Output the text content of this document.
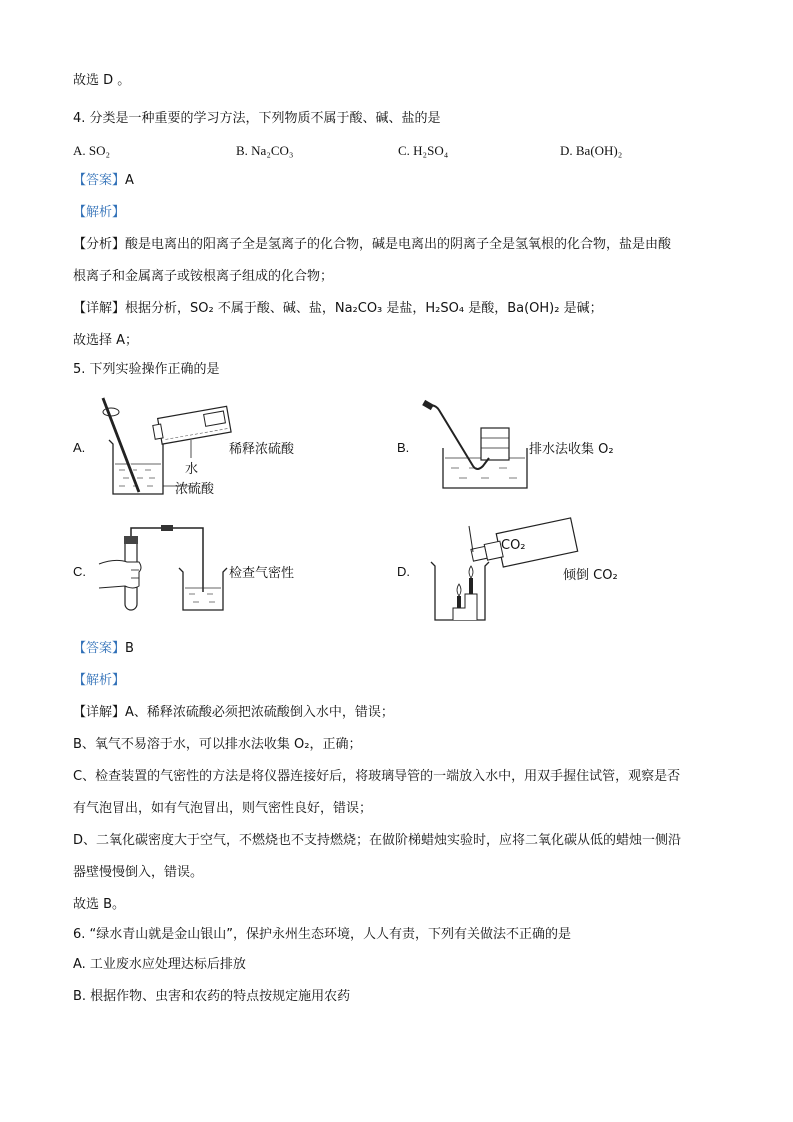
故选 D 。
4. 分类是一种重要的学习方法，下列物质不属于酸、碱、盐的是
A. SO₂	B. Na₂CO₃	C. H₂SO₄	D. Ba(OH)₂
【答案】A
【解析】
【分析】酸是电离出的阳离子全是氢离子的化合物，碱是电离出的阴离子全是氢氧根的化合物，盐是由酸
根离子和金属离子或铵根离子组成的化合物；
【详解】根据分析，SO₂ 不属于酸、碱、盐，Na₂CO₃ 是盐，H₂SO₄ 是酸，Ba(OH)₂ 是碱；
故选择 A；
5. 下列实验操作正确的是
A.
水
浓硫酸
稀释浓硫酸	B.	排水法收集 O₂
C.	检查气密性	D.
CO₂
倾倒 CO₂
【答案】B
【解析】
【详解】A、稀释浓硫酸必须把浓硫酸倒入水中，错误；
B、氧气不易溶于水，可以排水法收集 O₂，正确；
C、检查装置的气密性的方法是将仪器连接好后，将玻璃导管的一端放入水中，用双手握住试管，观察是否
有气泡冒出，如有气泡冒出，则气密性良好，错误；
D、二氧化碳密度大于空气，不燃烧也不支持燃烧；在做阶梯蜡烛实验时，应将二氧化碳从低的蜡烛一侧沿
器壁慢慢倒入，错误。
故选 B。
6. “绿水青山就是金山银山”，保护永州生态环境，人人有责，下列有关做法不正确的是
A. 工业废水应处理达标后排放
B. 根据作物、虫害和农药的特点按规定施用农药
